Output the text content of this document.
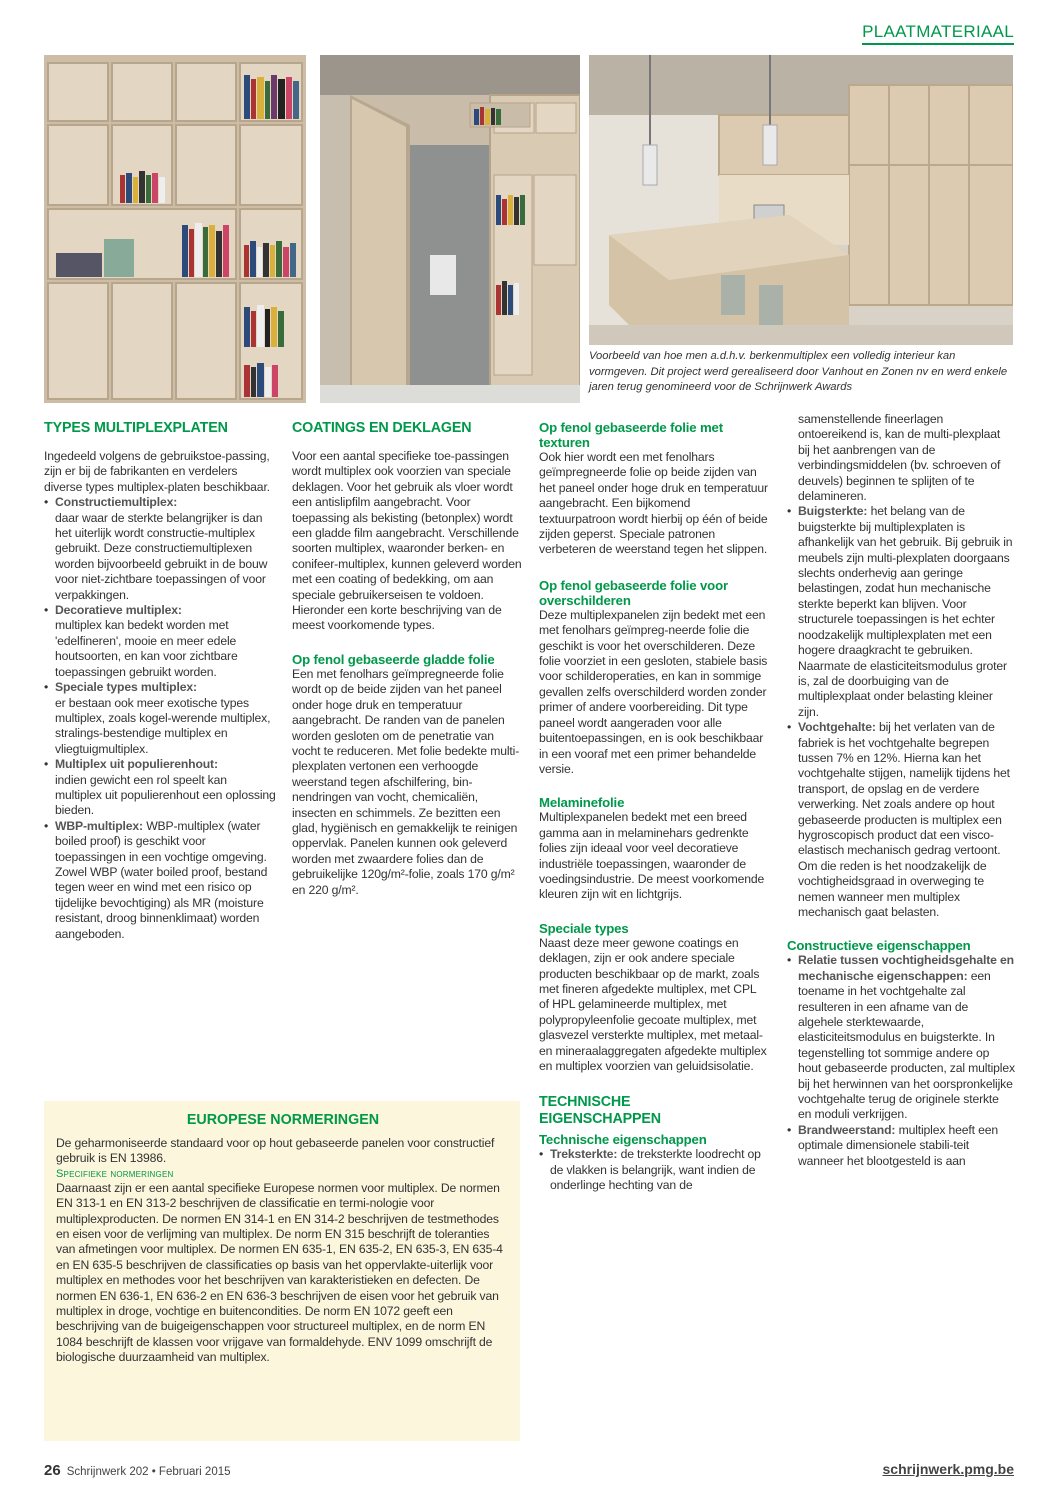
PLAATMATERIAAL
Voorbeeld van hoe men a.d.h.v. berkenmultiplex een volledig interieur kan vormgeven. Dit project werd gerealiseerd door Vanhout en Zonen nv en werd enkele jaren terug genomineerd voor de Schrijnwerk Awards
TYPES MULTIPLEXPLATEN

Ingedeeld volgens de gebruikstoe-passing, zijn er bij de fabrikanten en verdelers diverse types multiplex-platen beschikbaar.

• Constructiemultiplex:
daar waar de sterkte belangrijker is dan het uiterlijk wordt constructie-multiplex gebruikt. Deze constructiemultiplexen worden bijvoorbeeld gebruikt in de bouw voor niet-zichtbare toepassingen of voor verpakkingen.
• Decoratieve multiplex:
multiplex kan bedekt worden met 'edelfineren', mooie en meer edele houtsoorten, en kan voor zichtbare toepassingen gebruikt worden.
• Speciale types multiplex:
er bestaan ook meer exotische types multiplex, zoals kogel-werende multiplex, stralings-bestendige multiplex en vliegtuigmultiplex.
• Multiplex uit populierenhout:
indien gewicht een rol speelt kan multiplex uit populierenhout een oplossing bieden.
• WBP-multiplex: WBP-multiplex (water boiled proof) is geschikt voor toepassingen in een vochtige omgeving. Zowel WBP (water boiled proof, bestand tegen weer en wind met een risico op tijdelijke bevochtiging) als MR (moisture resistant, droog binnenklimaat) worden aangeboden.
COATINGS EN DEKLAGEN

Voor een aantal specifieke toe-passingen wordt multiplex ook voorzien van speciale deklagen. Voor het gebruik als vloer wordt een antislipfilm aangebracht. Voor toepassing als bekisting (betonplex) wordt een gladde film aangebracht. Verschillende soorten multiplex, waaronder berken- en conifeer-multiplex, kunnen geleverd worden met een coating of bedekking, om aan speciale gebruikerseisen te voldoen. Hieronder een korte beschrijving van de meest voorkomende types.

Op fenol gebaseerde gladde folie

Een met fenolhars geïmpregneerde folie wordt op de beide zijden van het paneel onder hoge druk en temperatuur aangebracht. De randen van de panelen worden gesloten om de penetratie van vocht te reduceren. Met folie bedekte multi-plexplaten vertonen een verhoogde weerstand tegen afschilfering, bin-nendringen van vocht, chemicaliën, insecten en schimmels. Ze bezitten een glad, hygiënisch en gemakkelijk te reinigen oppervlak. Panelen kunnen ook geleverd worden met zwaardere folies dan de gebruikelijke 120g/m²-folie, zoals 170 g/m² en 220 g/m².

Op fenol gebaseerde folie met texturen

Ook hier wordt een met fenolhars geïmpregneerde folie op beide zijden van het paneel onder hoge druk en temperatuur aangebracht. Een bijkomend textuurpatroon wordt hierbij op één of beide zijden geperst. Speciale patronen verbeteren de weerstand tegen het slippen.

Op fenol gebaseerde folie voor overschilderen

Deze multiplexpanelen zijn bedekt met een met fenolhars geïmpreg-neerde folie die geschikt is voor het overschilderen. Deze folie voorziet in een gesloten, stabiele basis voor schilderoperaties, en kan in sommige gevallen zelfs overschilderd worden zonder primer of andere voorbereiding. Dit type paneel wordt aangeraden voor alle buitentoepassingen, en is ook beschikbaar in een vooraf met een primer behandelde versie.

Melaminefolie

Multiplexpanelen bedekt met een breed gamma aan in melaminehars gedrenkte folies zijn ideaal voor veel decoratieve industriële toepassingen, waaronder de voedingsindustrie. De meest voorkomende kleuren zijn wit en lichtgrijs.

Speciale types

Naast deze meer gewone coatings en deklagen, zijn er ook andere speciale producten beschikbaar op de markt, zoals met fineren afgedekte multiplex, met CPL of HPL gelamineerde multiplex, met polypropyleenfolie gecoate multiplex, met glasvezel versterkte multiplex, met metaal- en mineraalaggregaten afgedekte multiplex en multiplex voorzien van geluidsisolatie.

TECHNISCHE EIGENSCHAPPEN
Technische eigenschappen
• Treksterkte: de treksterkte loodrecht op de vlakken is belangrijk, want indien de onderlinge hechting van de

samenstellende fineerlagen ontoereikend is, kan de multi-plexplaat bij het aanbrengen van de verbindingsmiddelen (bv. schroeven of deuvels) beginnen te splijten of te delamineren.

• Buigsterkte: het belang van de buigsterkte bij multiplexplaten is afhankelijk van het gebruik. Bij gebruik in meubels zijn multi-plexplaten doorgaans slechts onderhevig aan geringe belastingen, zodat hun mechanische sterkte beperkt kan blijven. Voor structurele toepassingen is het echter noodzakelijk multiplexplaten met een hogere draagkracht te gebruiken. Naarmate de elasticiteitsmodulus groter is, zal de doorbuiging van de multiplexplaat onder belasting kleiner zijn.
• Vochtgehalte: bij het verlaten van de fabriek is het vochtgehalte begrepen tussen 7% en 12%. Hierna kan het vochtgehalte stijgen, namelijk tijdens het transport, de opslag en de verdere verwerking. Net zoals andere op hout gebaseerde producten is multiplex een hygroscopisch product dat een visco-elastisch mechanisch gedrag vertoont. Om die reden is het noodzakelijk de vochtigheidsgraad in overweging te nemen wanneer men multiplex mechanisch gaat belasten.
Constructieve eigenschappen
• Relatie tussen vochtigheidsgehalte en mechanische eigenschappen: een toename in het vochtgehalte zal resulteren in een afname van de algehele sterktewaarde, elasticiteitsmodulus en buigsterkte. In tegenstelling tot sommige andere op hout gebaseerde producten, zal multiplex bij het herwinnen van het oorspronkelijke vochtgehalte terug de originele sterkte en moduli verkrijgen.
• Brandweerstand: multiplex heeft een optimale dimensionele stabili-teit wanneer het blootgesteld is aan
EUROPESE NORMERINGEN
De geharmoniseerde standaard voor op hout gebaseerde panelen voor constructief gebruik is EN 13986.
Specifieke normeringen
Daarnaast zijn er een aantal specifieke Europese normen voor multiplex. De normen EN 313-1 en EN 313-2 beschrijven de classificatie en termi-nologie voor multiplexproducten. De normen EN 314-1 en EN 314-2 beschrijven de testmethodes en eisen voor de verlijming van multiplex. De norm EN 315 beschrijft de toleranties van afmetingen voor multiplex. De normen EN 635-1, EN 635-2, EN 635-3, EN 635-4 en EN 635-5 beschrijven de classificaties op basis van het oppervlakte-uiterlijk voor multiplex en methodes voor het beschrijven van karakteristieken en defecten. De normen EN 636-1, EN 636-2 en EN 636-3 beschrijven de eisen voor het gebruik van multiplex in droge, vochtige en buitencondities. De norm EN 1072 geeft een beschrijving van de buigeigenschappen voor structureel multiplex, en de norm EN 1084 beschrijft de klassen voor vrijgave van formaldehyde. ENV 1099 omschrijft de biologische duurzaamheid van multiplex.
26 Schrijnwerk 202 • Februari 2015	schrijnwerk.pmg.be
